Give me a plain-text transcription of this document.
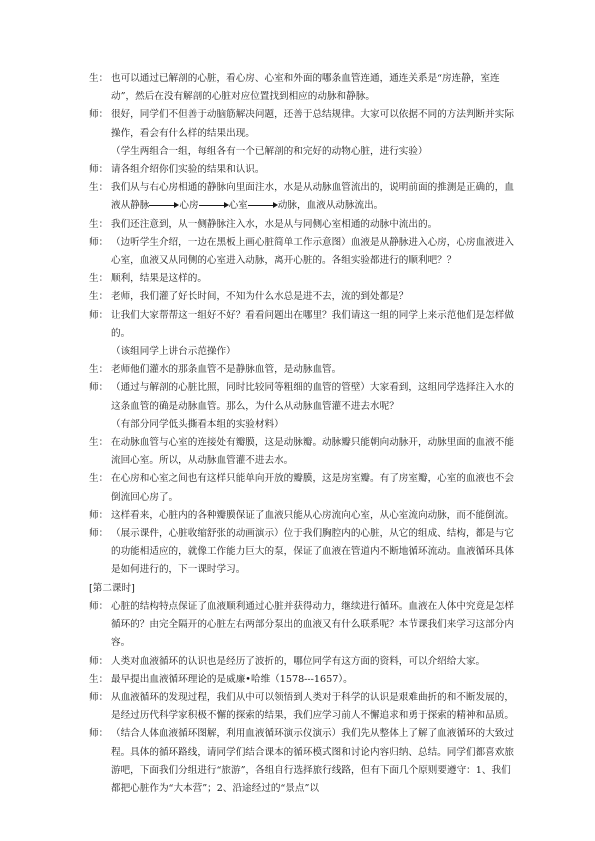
生： 也可以通过已解剖的心脏，看心房、心室和外面的哪条血管连通，通连关系是“房连静，室连动”，然后在没有解剖的心脏对应位置找到相应的动脉和静脉。
师： 很好，同学们不但善于动脑筋解决问题，还善于总结规律。大家可以依据不同的方法判断并实际操作，看会有什么样的结果出现。
（学生两组合一组，每组各有一个已解剖的和完好的动物心脏，进行实验）
师： 请各组介绍你们实验的结果和认识。
生： 我们从与右心房相通的静脉向里面注水，水是从动脉血管流出的，说明前面的推测是正确的，血液从静脉	心房	心室	动脉，血液从动脉流出。
生： 我们还注意到，从一侧静脉注入水，水是从与同侧心室相通的动脉中流出的。
师： （边听学生介绍，一边在黑板上画心脏简单工作示意图）血液是从静脉进入心房，心房血液进入心室，血液又从同侧的心室进入动脉，离开心脏的。各组实验都进行的顺利吧？？
生： 顺利，结果是这样的。
生： 老师，我们灌了好长时间，不知为什么水总是进不去，流的到处都是？
师： 让我们大家帮帮这一组好不好？看看问题出在哪里？我们请这一组的同学上来示范他们是怎样做的。
（该组同学上讲台示范操作）
生： 老师他们灌水的那条血管不是静脉血管，是动脉血管。
师： （通过与解剖的心脏比照，同时比较同等粗细的血管的管壁）大家看到，这组同学选择注入水的这条血管的确是动脉血管。那么，为什么从动脉血管灌不进去水呢？
（有部分同学低头撕看本组的实验材料）
生： 在动脉血管与心室的连接处有瓣膜，这是动脉瓣。动脉瓣只能朝向动脉开，动脉里面的血液不能流回心室。所以，从动脉血管灌不进去水。
生： 在心房和心室之间也有这样只能单向开放的瓣膜，这是房室瓣。有了房室瓣，心室的血液也不会倒流回心房了。
师： 这样看来，心脏内的各种瓣膜保证了血液只能从心房流向心室，从心室流向动脉，而不能倒流。
师： （展示课件，心脏收缩舒张的动画演示）位于我们胸腔内的心脏，从它的组成、结构，都是与它的功能相适应的，就像工作能力巨大的泵，保证了血液在管道内不断地循环流动。血液循环具体是如何进行的，下一课时学习。
[第二课时]
师： 心脏的结构特点保证了血液顺利通过心脏并获得动力，继续进行循环。血液在人体中究竟是怎样循环的？由完全隔开的心脏左右两部分泵出的血液又有什么联系呢？本节课我们来学习这部分内容。
师： 人类对血液循环的认识也是经历了波折的，哪位同学有这方面的资料，可以介绍给大家。
生： 最早提出血液循环理论的是威廉•哈维（1578---1657）。
师： 从血液循环的发现过程，我们从中可以领悟到人类对于科学的认识是艰难曲折的和不断发展的，是经过历代科学家积极不懈的探索的结果，我们应学习前人不懈追求和勇于探索的精神和品质。
师： （结合人体血液循环图解，利用血液循环演示仪演示）我们先从整体上了解了血液循环的大致过程。具体的循环路线，请同学们结合课本的循环模式图和讨论内容归纳、总结。同学们都喜欢旅游吧，下面我们分组进行“旅游”，各组自行选择旅行线路，但有下面几个原则要遵守：1、我们都把心脏作为“大本营”；2、沿途经过的“景点”以
